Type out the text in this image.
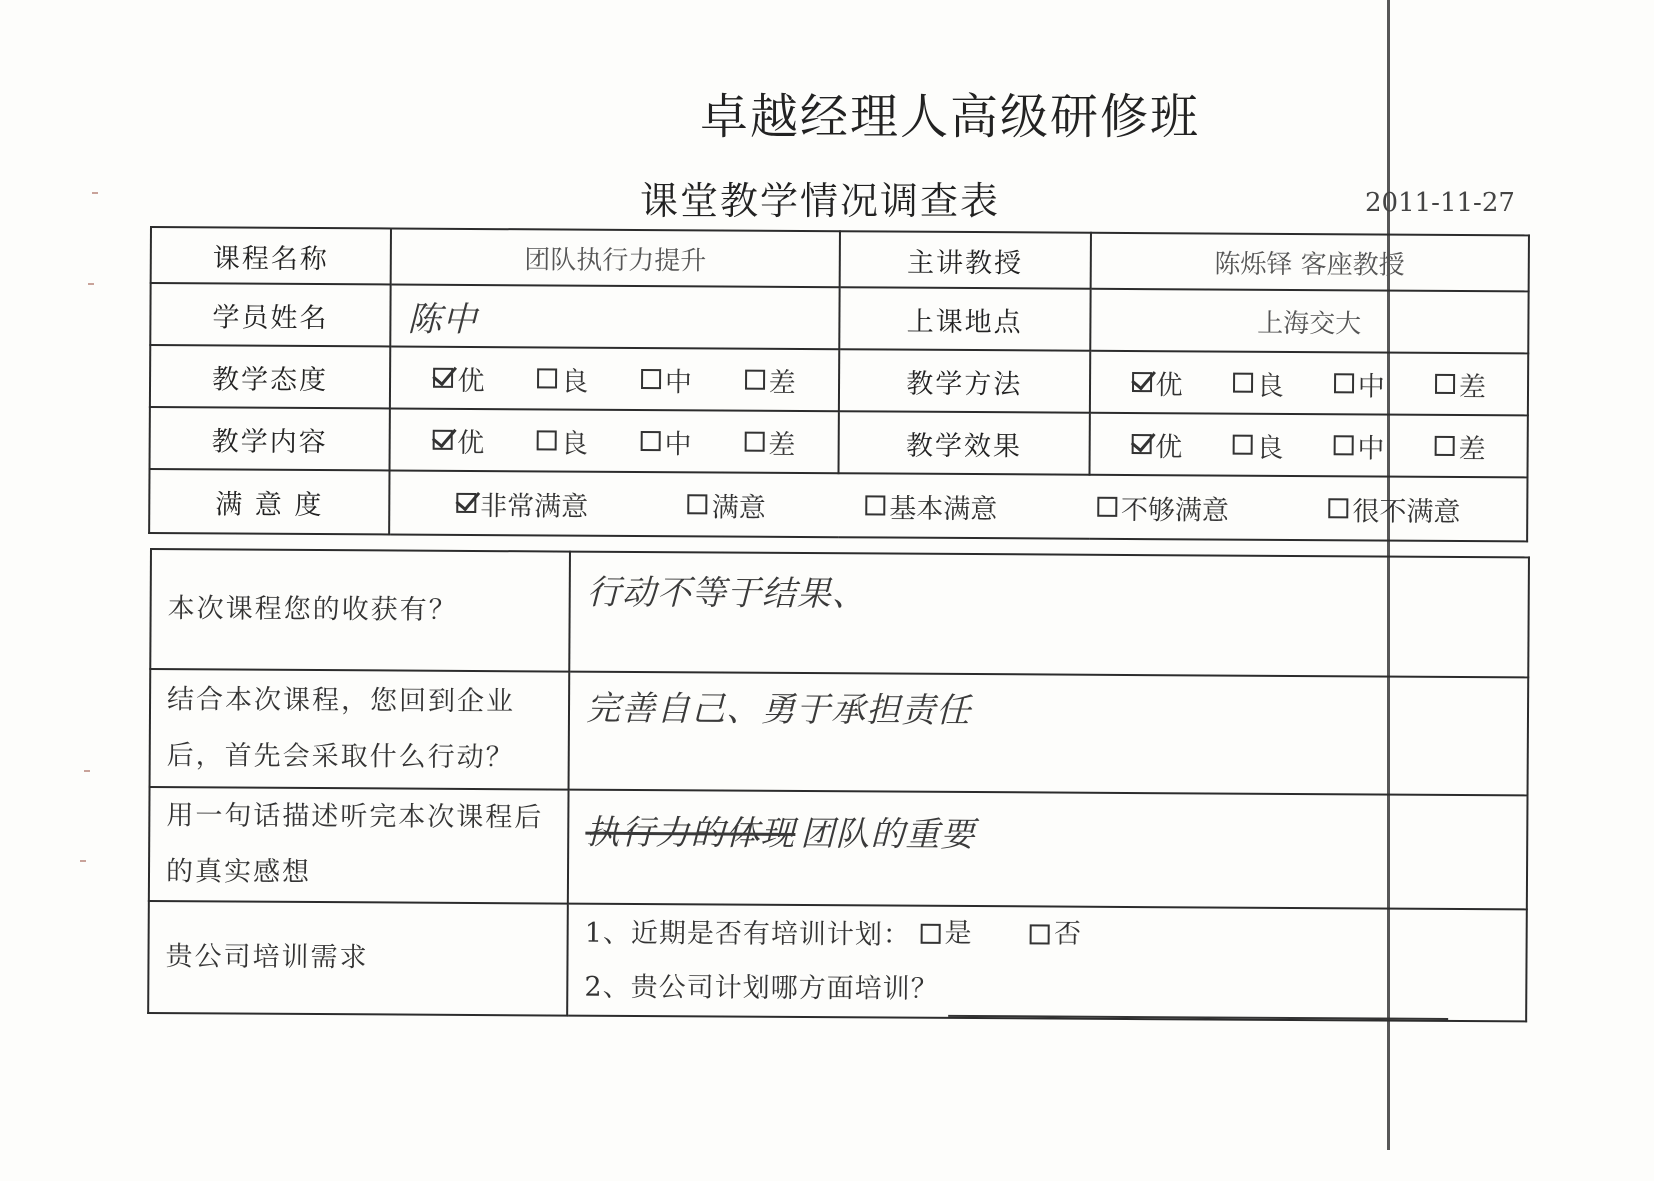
卓越经理人高级研修班
课堂教学情况调查表	2011-11-27
课程名称	团队执行力提升	主讲教授	陈烁铎 客座教授
学员姓名	陈中	上课地点	上海交大
教学态度	优 良 中 差	教学方法	优 良 中 差

教学内容	优 良 中 差	教学效果	优 良 中 差

满 意 度	非常满意 满意 基本满意 不够满意 很不满意		
本次课程您的收获有？	行动不等于结果、
结合本次课程，您回到企业后，首先会采取什么行动？	完善自己、勇于承担责任
用一句话描述听完本次课程后的真实感想	执行力的体现 团队的重要
贵公司培训需求	1、近期是否有培训计划： 是
否
2、贵公司计划哪方面培训？
